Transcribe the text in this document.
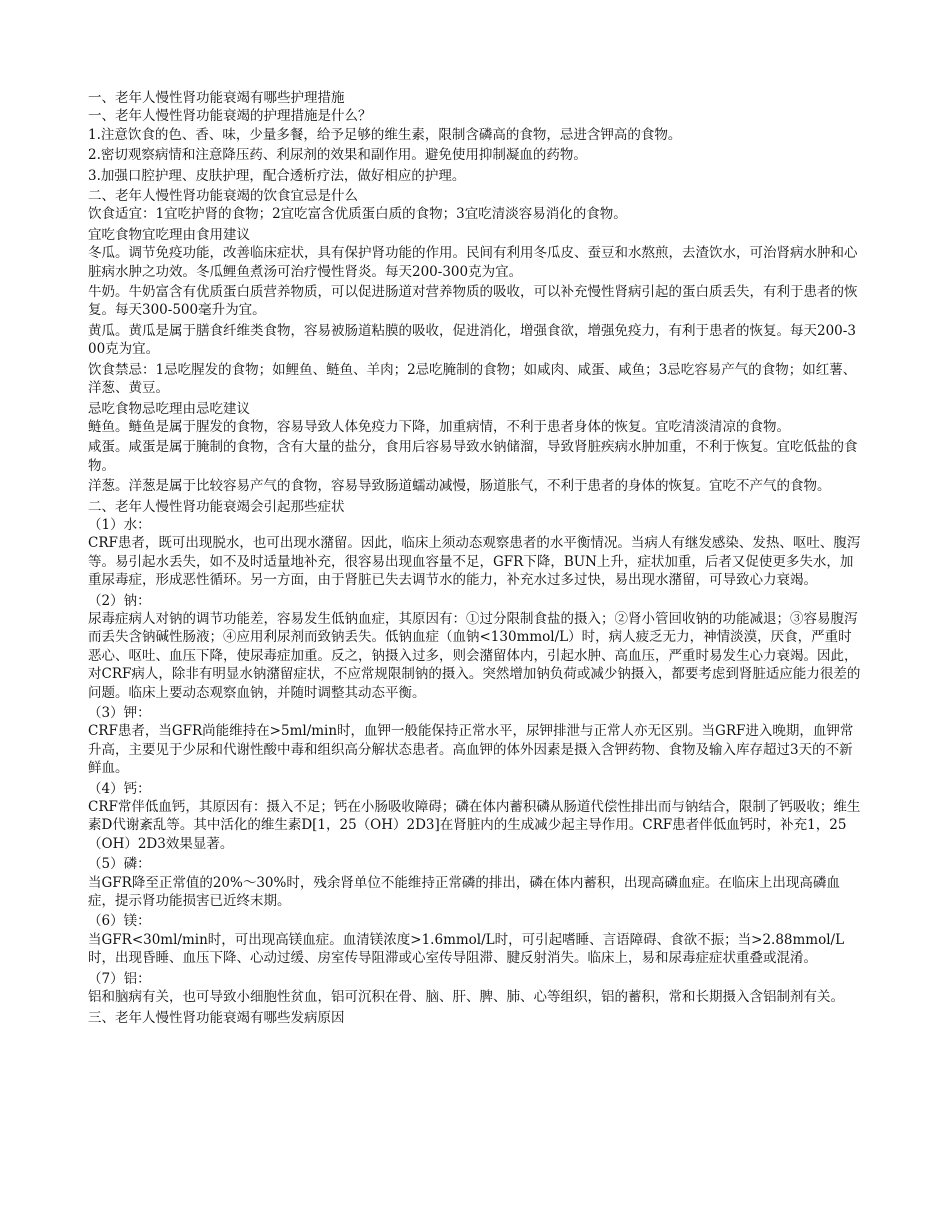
一、老年人慢性肾功能衰竭有哪些护理措施

一、老年人慢性肾功能衰竭的护理措施是什么？

1.注意饮食的色、香、味，少量多餐，给予足够的维生素，限制含磷高的食物，忌进含钾高的食物。

2.密切观察病情和注意降压药、利尿剂的效果和副作用。避免使用抑制凝血的药物。

3.加强口腔护理、皮肤护理，配合透析疗法，做好相应的护理。

二、老年人慢性肾功能衰竭的饮食宜忌是什么

饮食适宜：1宜吃护肾的食物；2宜吃富含优质蛋白质的食物；3宜吃清淡容易消化的食物。

宜吃食物宜吃理由食用建议

冬瓜。调节免疫功能，改善临床症状，具有保护肾功能的作用。民间有利用冬瓜皮、蚕豆和水熬煎，去渣饮水，可治肾病水肿和心脏病水肿之功效。冬瓜鲤鱼煮汤可治疗慢性肾炎。每天200-300克为宜。

牛奶。牛奶富含有优质蛋白质营养物质，可以促进肠道对营养物质的吸收，可以补充慢性肾病引起的蛋白质丢失，有利于患者的恢复。每天300-500毫升为宜。

黄瓜。黄瓜是属于膳食纤维类食物，容易被肠道粘膜的吸收，促进消化，增强食欲，增强免疫力，有利于患者的恢复。每天200-300克为宜。

饮食禁忌：1忌吃腥发的食物；如鲤鱼、鲢鱼、羊肉；2忌吃腌制的食物；如咸肉、咸蛋、咸鱼；3忌吃容易产气的食物；如红薯、洋葱、黄豆。

忌吃食物忌吃理由忌吃建议

鲢鱼。鲢鱼是属于腥发的食物，容易导致人体免疫力下降，加重病情，不利于患者身体的恢复。宜吃清淡清凉的食物。

咸蛋。咸蛋是属于腌制的食物，含有大量的盐分，食用后容易导致水钠储溜，导致肾脏疾病水肿加重，不利于恢复。宜吃低盐的食物。

洋葱。洋葱是属于比较容易产气的食物，容易导致肠道蠕动减慢，肠道胀气，不利于患者的身体的恢复。宜吃不产气的食物。

二、老年人慢性肾功能衰竭会引起那些症状

（1）水：

CRF患者，既可出现脱水，也可出现水潴留。因此，临床上须动态观察患者的水平衡情况。当病人有继发感染、发热、呕吐、腹泻等。易引起水丢失，如不及时适量地补充，很容易出现血容量不足，GFR下降，BUN上升，症状加重，后者又促使更多失水，加重尿毒症，形成恶性循环。另一方面，由于肾脏已失去调节水的能力，补充水过多过快，易出现水潴留，可导致心力衰竭。

（2）钠：

尿毒症病人对钠的调节功能差，容易发生低钠血症，其原因有：①过分限制食盐的摄入；②肾小管回收钠的功能减退；③容易腹泻而丢失含钠碱性肠液；④应用利尿剂而致钠丢失。低钠血症（血钠<130mmol/L）时，病人疲乏无力，神情淡漠，厌食，严重时恶心、呕吐、血压下降，使尿毒症加重。反之，钠摄入过多，则会潴留体内，引起水肿、高血压，严重时易发生心力衰竭。因此，对CRF病人，除非有明显水钠潴留症状，不应常规限制钠的摄入。突然增加钠负荷或减少钠摄入，都要考虑到肾脏适应能力很差的问题。临床上要动态观察血钠，并随时调整其动态平衡。

（3）钾：

CRF患者，当GFR尚能维持在>5ml/min时，血钾一般能保持正常水平，尿钾排泄与正常人亦无区别。当GRF进入晚期，血钾常升高，主要见于少尿和代谢性酸中毒和组织高分解状态患者。高血钾的体外因素是摄入含钾药物、食物及输入库存超过3天的不新鲜血。

（4）钙：

CRF常伴低血钙，其原因有：摄入不足；钙在小肠吸收障碍；磷在体内蓄积磷从肠道代偿性排出而与钠结合，限制了钙吸收；维生素D代谢紊乱等。其中活化的维生素D[1，25（OH）2D3]在肾脏内的生成减少起主导作用。CRF患者伴低血钙时，补充1，25（OH）2D3效果显著。

（5）磷：

当GFR降至正常值的20%～30%时，残余肾单位不能维持正常磷的排出，磷在体内蓄积，出现高磷血症。在临床上出现高磷血症，提示肾功能损害已近终末期。

（6）镁：

当GFR<30ml/min时，可出现高镁血症。血清镁浓度>1.6mmol/L时，可引起嗜睡、言语障碍、食欲不振；当>2.88mmol/L时，出现昏睡、血压下降、心动过缓、房室传导阻滞或心室传导阻滞、腱反射消失。临床上，易和尿毒症症状重叠或混淆。

（7）铝：

铝和脑病有关，也可导致小细胞性贫血，铝可沉积在骨、脑、肝、脾、肺、心等组织，铝的蓄积，常和长期摄入含铝制剂有关。

三、老年人慢性肾功能衰竭有哪些发病原因
